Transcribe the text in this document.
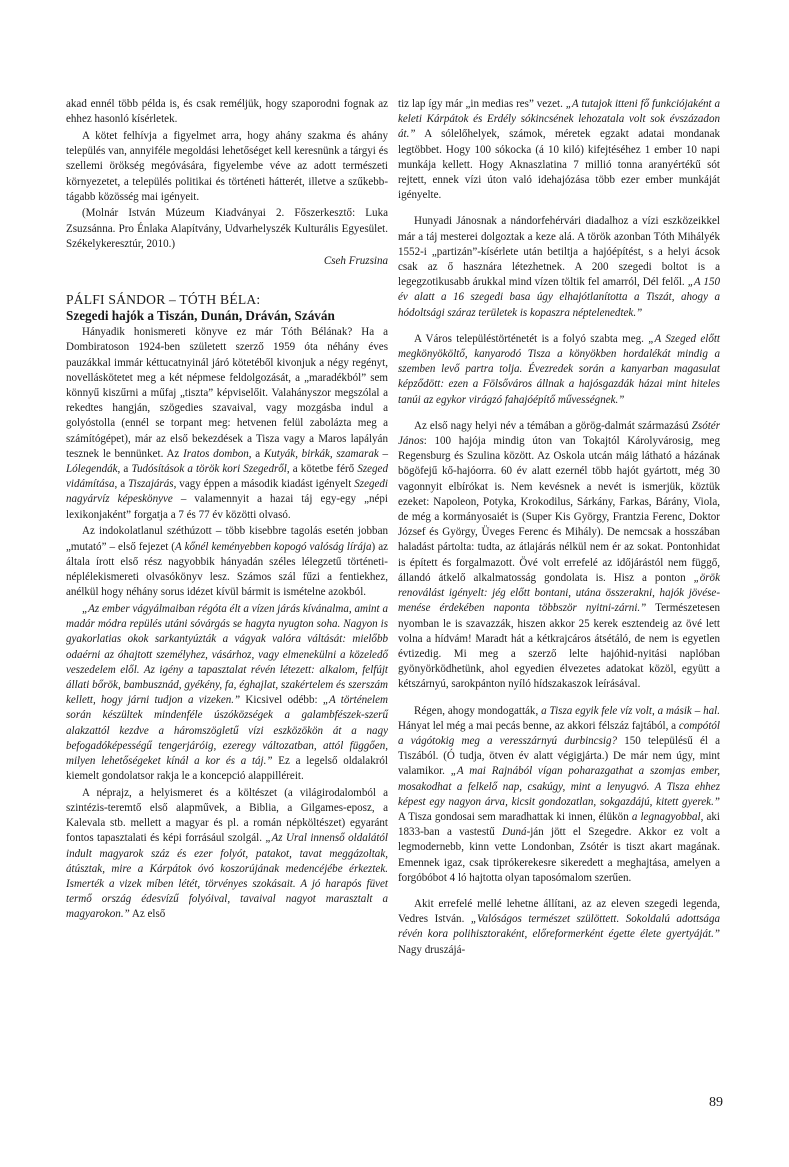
akad ennél több példa is, és csak reméljük, hogy szaporodni fognak az ehhez hasonló kísérletek.

A kötet felhívja a figyelmet arra, hogy ahány szakma és ahány település van, annyiféle megoldási lehetőséget kell keresnünk a tárgyi és szellemi örökség megóvására, figyelembe véve az adott természeti környezetet, a település politikai és történeti hátterét, illetve a szűkebb-tágabb közösség mai igényeit.

(Molnár István Múzeum Kiadványai 2. Főszerkesztő: Luka Zsuzsánna. Pro Énlaka Alapítvány, Udvarhelyszék Kulturális Egyesület. Székelykeresztúr, 2010.)

Cseh Fruzsina

PÁLFI SÁNDOR – TÓTH BÉLA:
Szegedi hajók a Tiszán, Dunán, Dráván, Száván

Hányadik honismereti könyve ez már Tóth Bélának? Ha a Dombiratoson 1924-ben született szerző 1959 óta néhány éves pauzákkal immár kéttucatnyinál járó kötetéből kivonjuk a négy regényt, novelláskötetet meg a két népmese feldolgozását, a „maradékból” sem könnyű kiszűrni a műfaj „tiszta” képviselőit. Valahányszor megszólal a rekedtes hangján, szögedies szavaival, vagy mozgásba indul a golyóstolla (ennél se torpant meg: hetvenen felül zabolázta meg a számítógépet), már az első bekezdések a Tisza vagy a Maros lapályán tesznek le bennünket. Az Iratos dombon, a Kutyák, birkák, szamarak – Lólegendák, a Tudósítások a török kori Szegedről, a kötetbe férő Szeged vidámítása, a Tiszajárás, vagy éppen a második kiadást igényelt Szegedi nagyárvíz képeskönyve – valamennyit a hazai táj egy-egy „népi lexikonjaként” forgatja a 7 és 77 év közötti olvasó.

Az indokolatlanul széthúzott – több kisebbre tagolás esetén jobban „mutató” – első fejezet (A kőnél keményebben kopogó valóság lírája) az általa írott első rész nagyobbik hányadán széles lélegzetű történeti-néplélekismereti olvasókönyv lesz. Számos szál fűzi a fentiekhez, anélkül hogy néhány sorus idézet kívül bármit is ismételne azokból.

„Az ember vágyálmaiban régóta élt a vízen járás kívánalma, amint a madár módra repülés utáni sóvárgás se hagyta nyugton soha. Nagyon is gyakorlatias okok sarkantyúzták a vágyak valóra váltását: mielőbb odaérni az óhajtott személyhez, vásárhoz, vagy elmenekülni a közeledő veszedelem elől. Az igény a tapasztalat révén létezett: alkalom, felfújt állati bőrök, bambusznád, gyékény, fa, éghajlat, szakértelem és szerszám kellett, hogy járni tudjon a vizeken.” Kicsivel odébb: „A történelem során készültek mindenféle úszóközségek a galambfészek-szerű alakzattól kezdve a háromszögletű vízi eszközökön át a nagy befogadóképességű tengerjáróig, ezeregy változatban, attól függően, milyen lehetőségeket kínál a kor és a táj.” Ez a legelső oldalakról kiemelt gondolatsor rakja le a koncepció alappilléreit.

A néprajz, a helyismeret és a költészet (a világirodalomból a szintézis-teremtő első alapművek, a Biblia, a Gilgames-eposz, a Kalevala stb. mellett a magyar és pl. a román népköltészet) egyaránt fontos tapasztalati és képi forrásául szolgál. „Az Ural innenső oldalától indult magyarok száz és ezer folyót, patakot, tavat meggázoltak, átúsztak, mire a Kárpátok óvó koszorújának medencéjébe érkeztek. Ismerték a vizek míben létét, törvényes szokásait. A jó harapós füvet termő ország édesvízű folyóival, tavaival nagyot marasztalt a magyarokon.” Az első

tiz lap így már „in medias res” vezet. „A tutajok itteni fő funkciójaként a keleti Kárpátok és Erdély sókincsének lehozatala volt sok évszázadon át.” A sólelőhelyek, számok, méretek egzakt adatai mondanak legtöbbet. Hogy 100 sókocka (á 10 kiló) kifejtéséhez 1 ember 10 napi munkája kellett. Hogy Aknaszlatina 7 millió tonna aranyértékű sót rejtett, ennek vízi úton való idehajózása több ezer ember munkáját igényelte.

Hunyadi Jánosnak a nándorfehérvári diadalhoz a vízi eszközeikkel már a táj mesterei dolgoztak a keze alá. A török azonban Tóth Mihályék 1552-i „partizán”-kísérlete után betiltja a hajóépítést, s a helyi ácsok csak az ő hasznára létezhetnek. A 200 szegedi boltot is a legegzotikusabb árukkal mind vízen töltik fel amarról, Dél felől. „A 150 év alatt a 16 szegedi basa úgy elhajótlanította a Tiszát, ahogy a hódoltsági száraz területek is kopaszra néptelenedtek.”

A Város településtörténetét is a folyó szabta meg. „A Szeged előtt megkönyököltő, kanyarodó Tisza a könyökben hordalékát mindig a szemben levő partra tolja. Évezredek során a kanyarban magasulat képződött: ezen a Fölsőváros állnak a hajósgazdák házai mint hiteles tanúi az egykor virágzó fahajóépítő művességnek.”

Az első nagy helyi név a témában a görög-dalmát származású Zsótér János: 100 hajója mindig úton van Tokajtól Károlyvárosig, meg Regensburg és Szulina között. Az Oskola utcán máig látható a házának bögöfejű kő-hajóorra. 60 év alatt ezernél több hajót gyártott, még 30 vagonnyit elbírókat is. Nem kevésnek a nevét is ismerjük, köztük ezeket: Napoleon, Potyka, Krokodilus, Sárkány, Farkas, Bárány, Viola, de még a kormányosaiét is (Super Kis György, Frantzia Ferenc, Doktor József és György, Üveges Ferenc és Mihály). De nemcsak a hosszában haladást pártolta: tudta, az átlajárás nélkül nem ér az sokat. Pontonhidat is épített és forgalmazott. Övé volt errefelé az időjárástól nem függő, állandó átkelő alkalmatosság gondolata is. Hisz a ponton „örök renoválást igényelt: jég előtt bontani, utána összerakni, hajók jövése-menése érdekében naponta többször nyitni-zárni.” Természetesen nyomban le is szavazzák, hiszen akkor 25 kerek esztendeig az övé lett volna a hídvám! Maradt hát a kétkrajcáros átsétáló, de nem is egyetlen évtizedig. Mi meg a szerző lelte hajóhid-nyitási naplóban gyönyörködhetünk, ahol egyedien élvezetes adatokat közöl, együtt a kétszárnyú, sarokpánton nyíló hídszakaszok leírásával.

Régen, ahogy mondogatták, a Tisza egyik fele víz volt, a másik – hal. Hányat lel még a mai pecás benne, az akkori félszáz fajtából, a compótól a vágótokig meg a veresszárnyú durbincsig? 150 településű él a Tiszából. (Ó tudja, ötven év alatt végigjárta.) De már nem úgy, mint valamikor. „A mai Rajnából vígan poharazgathat a szomjas ember, mosakodhat a felkelő nap, csakúgy, mint a lenyugvó. A Tisza ehhez képest egy nagyon árva, kicsit gondozatlan, sokgazdájú, kitett gyerek.” A Tisza gondosai sem maradhattak ki innen, élükön a legnagyobbal, aki 1833-ban a vastestű Duná-ján jött el Szegedre. Akkor ez volt a legmodernebb, kinn vette Londonban, Zsótér is tiszt akart magának. Emennek igaz, csak tiprókerekesre sikeredett a meghajtása, amelyen a forgóbóbot 4 ló hajtotta olyan taposómalom szerűen.

Akit errefelé mellé lehetne állítani, az az eleven szegedi legenda, Vedres István. „Valóságos természet szülöttett. Sokoldalú adottsága révén kora polihisztoraként, előreformerként égette élete gyertyáját.” Nagy druszájá-

89
